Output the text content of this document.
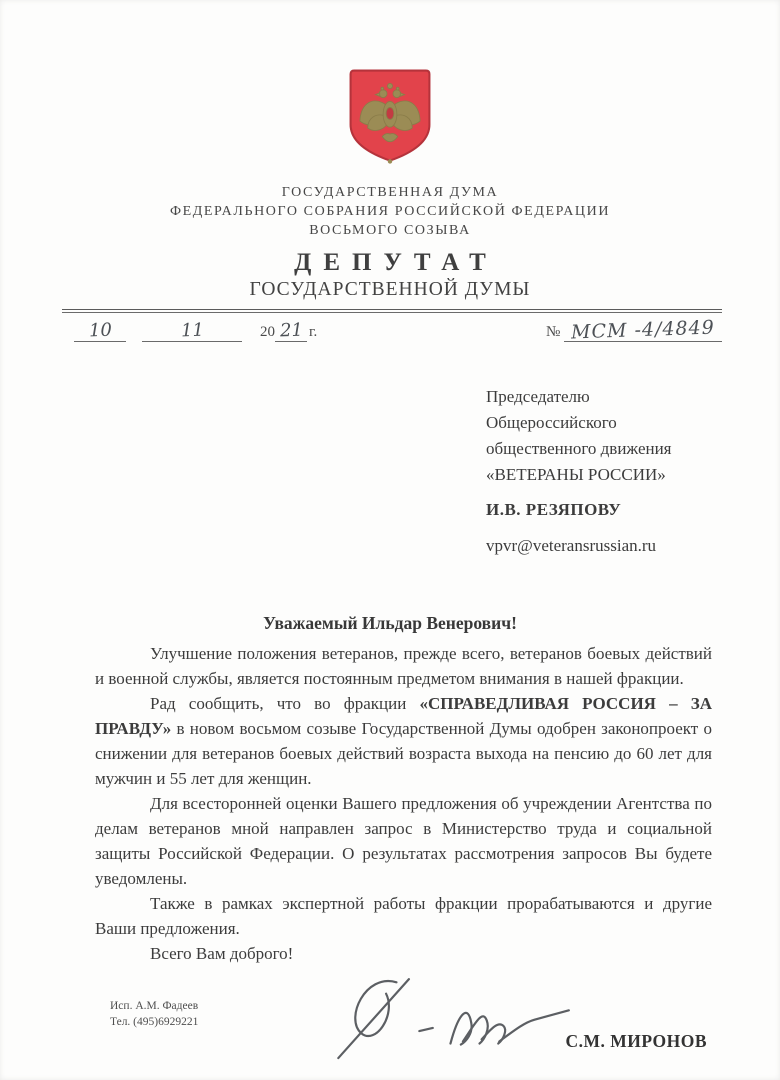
ГОСУДАРСТВЕННАЯ ДУМА
ФЕДЕРАЛЬНОГО СОБРАНИЯ РОССИЙСКОЙ ФЕДЕРАЦИИ
ВОСЬМОГО СОЗЫВА
ДЕПУТАТ
ГОСУДАРСТВЕННОЙ ДУМЫ
10	11	20 21 г.	№ МСМ -4/4849
Председателю
Общероссийского
общественного движения
«ВЕТЕРАНЫ РОССИИ»
И.В. РЕЗЯПОВУ
vpvr@veteransrussian.ru
Уважаемый Ильдар Венерович!

Улучшение положения ветеранов, прежде всего, ветеранов боевых действий и военной службы, является постоянным предметом внимания в нашей фракции.

Рад сообщить, что во фракции «СПРАВЕДЛИВАЯ РОССИЯ – ЗА ПРАВДУ» в новом восьмом созыве Государственной Думы одобрен законопроект о снижении для ветеранов боевых действий возраста выхода на пенсию до 60 лет для мужчин и 55 лет для женщин.

Для всесторонней оценки Вашего предложения об учреждении Агентства по делам ветеранов мной направлен запрос в Министерство труда и социальной защиты Российской Федерации. О результатах рассмотрения запросов Вы будете уведомлены.

Также в рамках экспертной работы фракции прорабатываются и другие Ваши предложения.

Всего Вам доброго!

С.М. МИРОНОВ
Исп. А.М. Фадеев
Тел. (495)6929221
